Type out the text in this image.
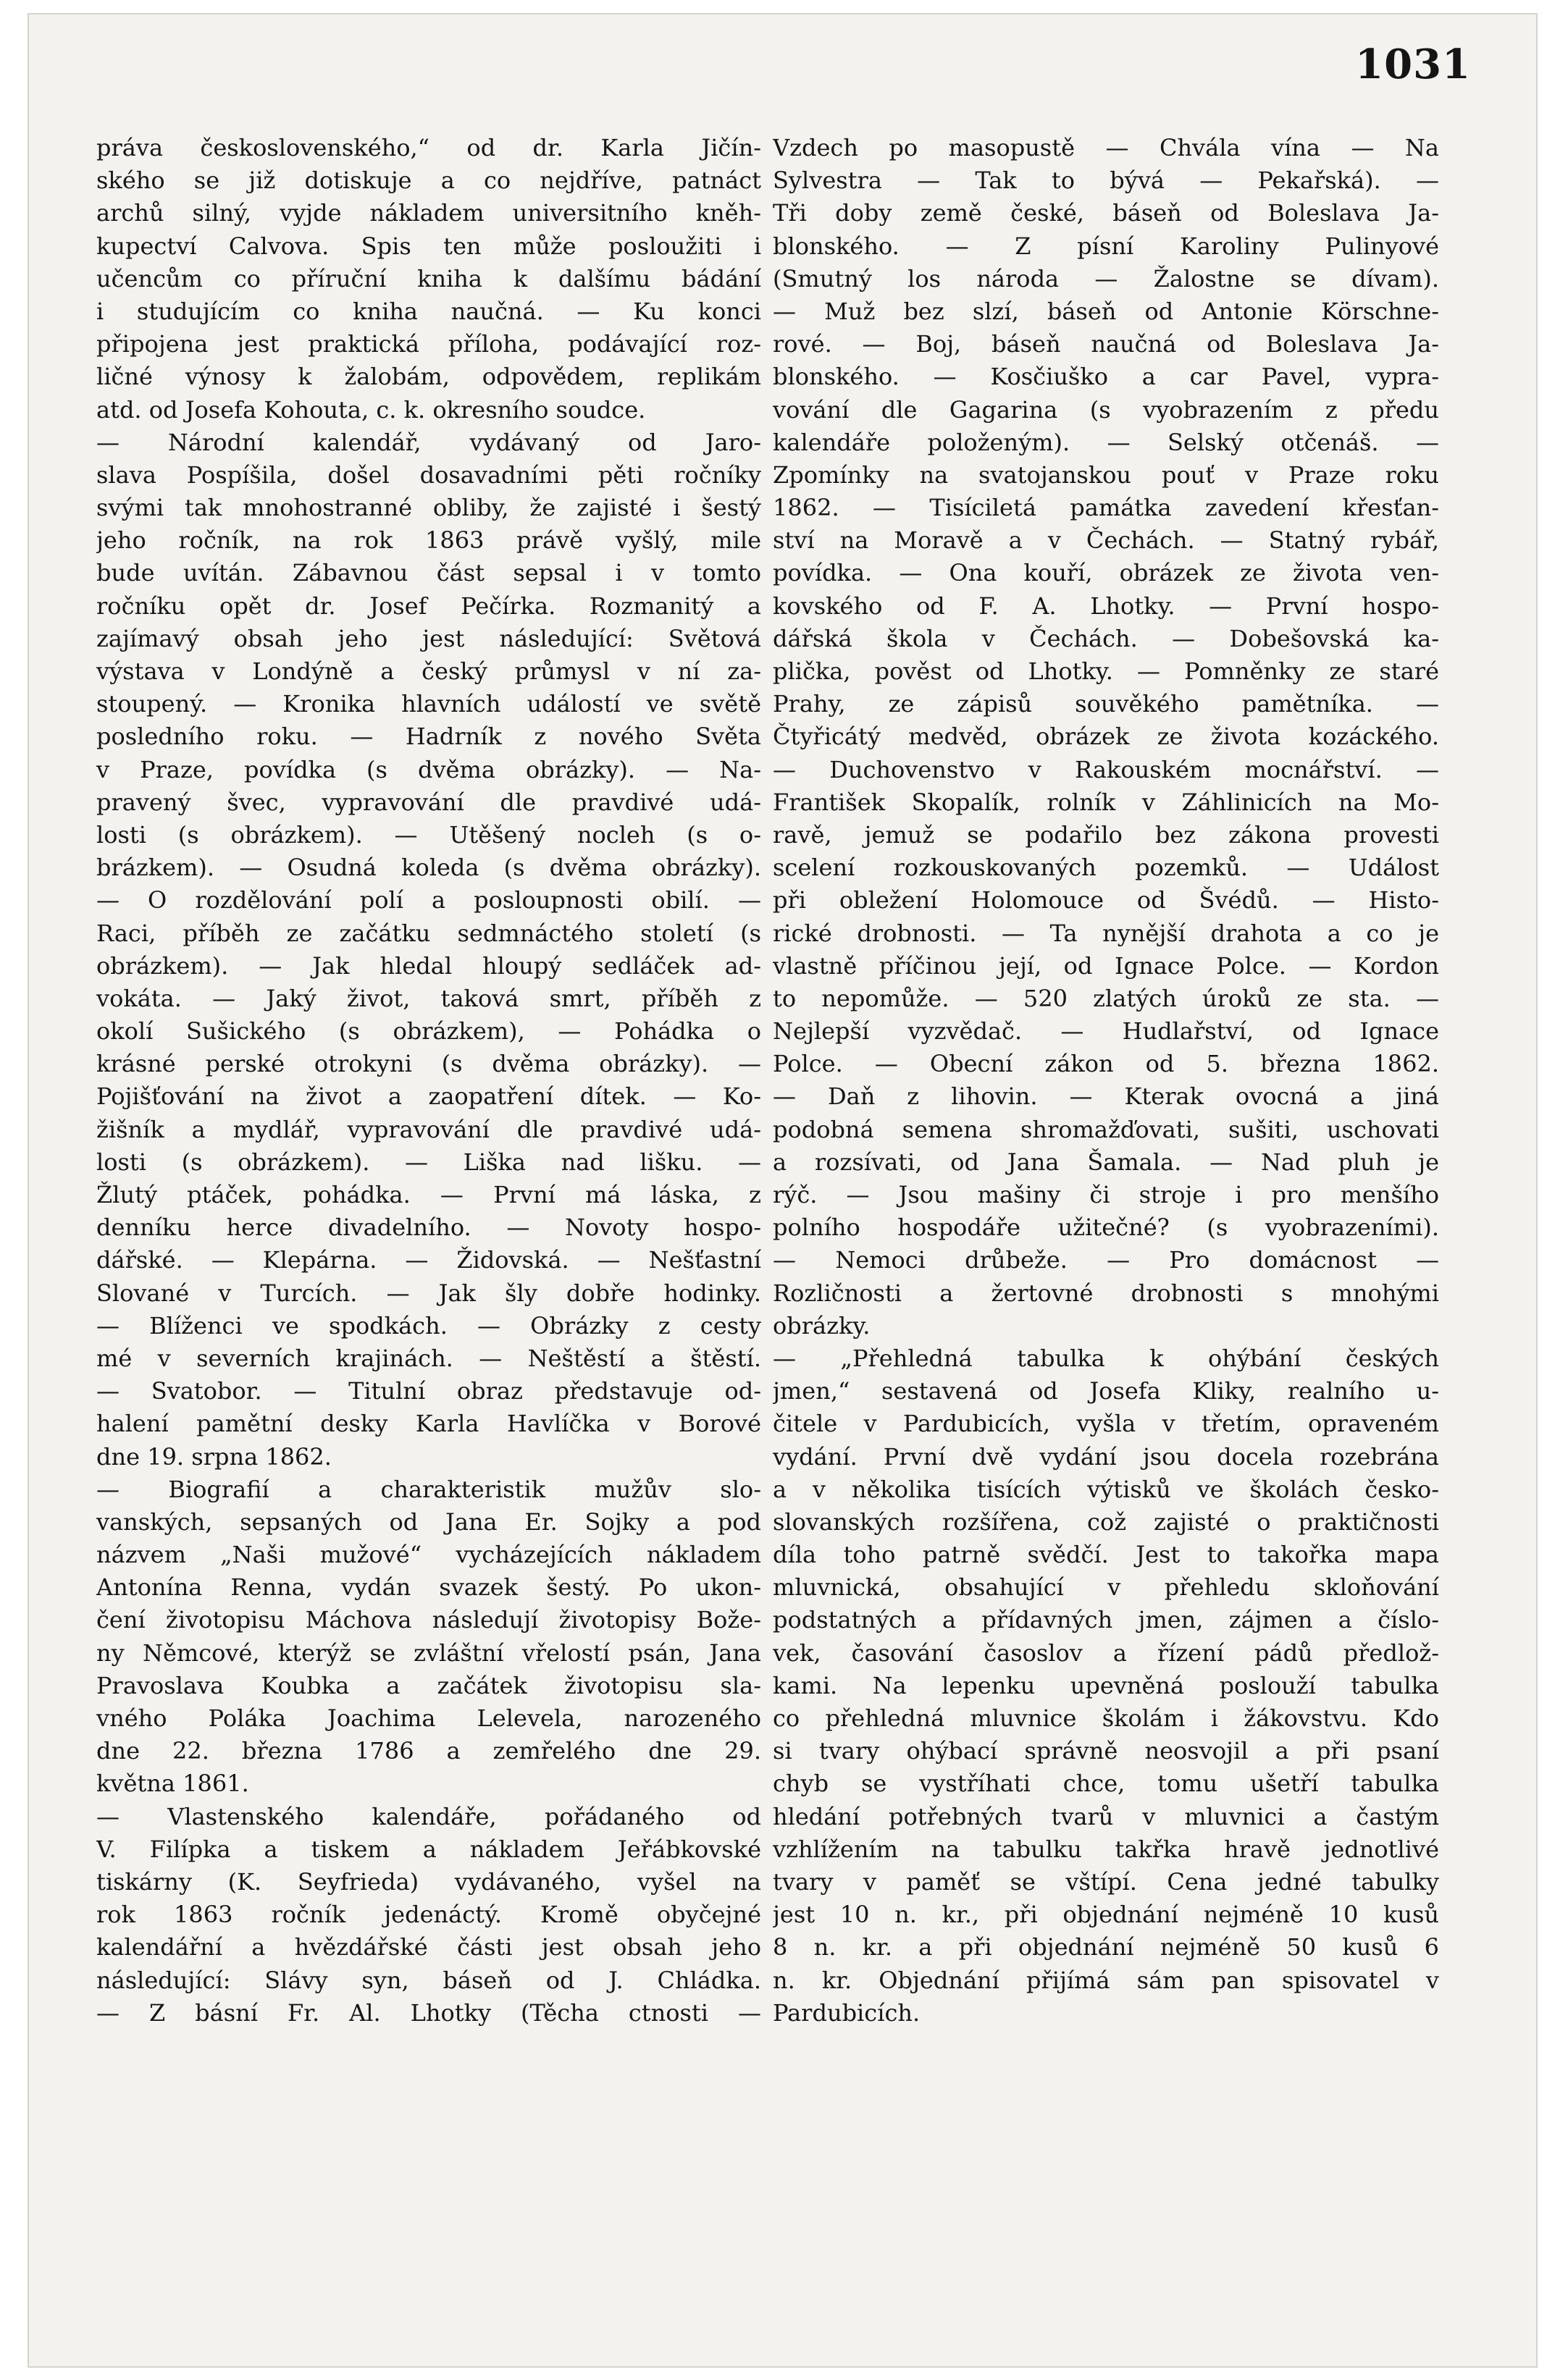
1031
práva československého,“ od dr. Karla Jičín-
ského se již dotiskuje a co nejdříve, patnáct
archů silný, vyjde nákladem universitního kněh-
kupectví Calvova. Spis ten může posloužiti i
učencům co příruční kniha k dalšímu bádání
i studujícím co kniha naučná. — Ku konci
připojena jest praktická příloha, podávající roz-
ličné výnosy k žalobám, odpovědem, replikám
atd. od Josefa Kohouta, c. k. okresního soudce.
— Národní kalendář, vydávaný od Jaro-
slava Pospíšila, došel dosavadními pěti ročníky
svými tak mnohostranné obliby, že zajisté i šestý
jeho ročník, na rok 1863 právě vyšlý, mile
bude uvítán. Zábavnou část sepsal i v tomto
ročníku opět dr. Josef Pečírka. Rozmanitý a
zajímavý obsah jeho jest následující: Světová
výstava v Londýně a český průmysl v ní za-
stoupený. — Kronika hlavních událostí ve světě
posledního roku. — Hadrník z nového Světa
v Praze, povídka (s dvěma obrázky). — Na-
pravený švec, vypravování dle pravdivé udá-
losti (s obrázkem). — Utěšený nocleh (s o-
brázkem). — Osudná koleda (s dvěma obrázky).
— O rozdělování polí a posloupnosti obilí. —
Raci, příběh ze začátku sedmnáctého století (s
obrázkem). — Jak hledal hloupý sedláček ad-
vokáta. — Jaký život, taková smrt, příběh z
okolí Sušického (s obrázkem), — Pohádka o
krásné perské otrokyni (s dvěma obrázky). —
Pojišťování na život a zaopatření dítek. — Ko-
žišník a mydlář, vypravování dle pravdivé udá-
losti (s obrázkem). — Liška nad lišku. —
Žlutý ptáček, pohádka. — První má láska, z
denníku herce divadelního. — Novoty hospo-
dářské. — Klepárna. — Židovská. — Nešťastní
Slované v Turcích. — Jak šly dobře hodinky.
— Blíženci ve spodkách. — Obrázky z cesty
mé v severních krajinách. — Neštěstí a štěstí.
— Svatobor. — Titulní obraz představuje od-
halení pamětní desky Karla Havlíčka v Borové
dne 19. srpna 1862.
— Biografií a charakteristik mužův slo-
vanských, sepsaných od Jana Er. Sojky a pod
názvem „Naši mužové“ vycházejících nákladem
Antonína Renna, vydán svazek šestý. Po ukon-
čení životopisu Máchova následují životopisy Bože-
ny Němcové, kterýž se zvláštní vřelostí psán, Jana
Pravoslava Koubka a začátek životopisu sla-
vného Poláka Joachima Lelevela, narozeného
dne 22. března 1786 a zemřelého dne 29.
května 1861.
— Vlastenského kalendáře, pořádaného od
V. Filípka a tiskem a nákladem Jeřábkovské
tiskárny (K. Seyfrieda) vydávaného, vyšel na
rok 1863 ročník jedenáctý. Kromě obyčejné
kalendářní a hvězdářské části jest obsah jeho
následující: Slávy syn, báseň od J. Chládka.
— Z básní Fr. Al. Lhotky (Těcha ctnosti —
Vzdech po masopustě — Chvála vína — Na
Sylvestra — Tak to bývá — Pekařská). —
Tři doby země české, báseň od Boleslava Ja-
blonského. — Z písní Karoliny Pulinyové
(Smutný los národa — Žalostne se dívam).
— Muž bez slzí, báseň od Antonie Körschne-
rové. — Boj, báseň naučná od Boleslava Ja-
blonského. — Kosčiuško a car Pavel, vypra-
vování dle Gagarina (s vyobrazením z předu
kalendáře položeným). — Selský otčenáš. —
Zpomínky na svatojanskou pouť v Praze roku
1862. — Tisíciletá památka zavedení křesťan-
ství na Moravě a v Čechách. — Statný rybář,
povídka. — Ona kouří, obrázek ze života ven-
kovského od F. A. Lhotky. — První hospo-
dářská škola v Čechách. — Dobešovská ka-
plička, pověst od Lhotky. — Pomněnky ze staré
Prahy, ze zápisů souvěkého pamětníka. —
Čtyřicátý medvěd, obrázek ze života kozáckého.
— Duchovenstvo v Rakouském mocnářství. —
František Skopalík, rolník v Záhlinicích na Mo-
ravě, jemuž se podařilo bez zákona provesti
scelení rozkouskovaných pozemků. — Událost
při obležení Holomouce od Švédů. — Histo-
rické drobnosti. — Ta nynější drahota a co je
vlastně příčinou její, od Ignace Polce. — Kordon
to nepomůže. — 520 zlatých úroků ze sta. —
Nejlepší vyzvědač. — Hudlařství, od Ignace
Polce. — Obecní zákon od 5. března 1862.
— Daň z lihovin. — Kterak ovocná a jiná
podobná semena shromažďovati, sušiti, uschovati
a rozsívati, od Jana Šamala. — Nad pluh je
rýč. — Jsou mašiny či stroje i pro menšího
polního hospodáře užitečné? (s vyobrazeními).
— Nemoci drůbeže. — Pro domácnost —
Rozličnosti a žertovné drobnosti s mnohými
obrázky.
— „Přehledná tabulka k ohýbání českých
jmen,“ sestavená od Josefa Kliky, realního u-
čitele v Pardubicích, vyšla v třetím, opraveném
vydání. První dvě vydání jsou docela rozebrána
a v několika tisících výtisků ve školách česko-
slovanských rozšířena, což zajisté o praktičnosti
díla toho patrně svědčí. Jest to takořka mapa
mluvnická, obsahující v přehledu skloňování
podstatných a přídavných jmen, zájmen a číslo-
vek, časování časoslov a řízení pádů předlož-
kami. Na lepenku upevněná poslouží tabulka
co přehledná mluvnice školám i žákovstvu. Kdo
si tvary ohýbací správně neosvojil a při psaní
chyb se vystříhati chce, tomu ušetří tabulka
hledání potřebných tvarů v mluvnici a častým
vzhlížením na tabulku takřka hravě jednotlivé
tvary v paměť se vštípí. Cena jedné tabulky
jest 10 n. kr., při objednání nejméně 10 kusů
8 n. kr. a při objednání nejméně 50 kusů 6
n. kr. Objednání přijímá sám pan spisovatel v
Pardubicích.
